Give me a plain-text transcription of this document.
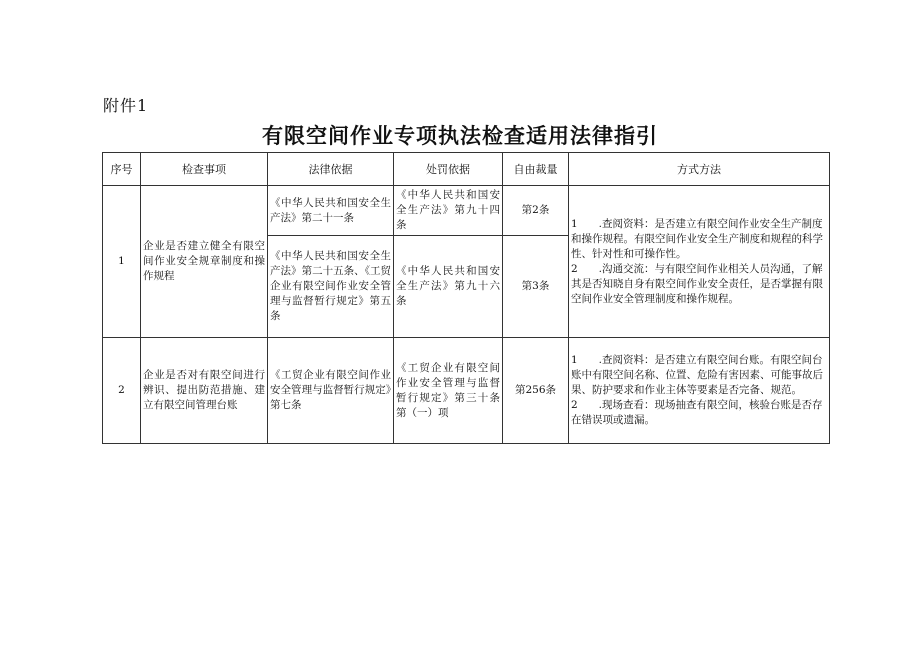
附件1
有限空间作业专项执法检查适用法律指引
序号	检查事项	法律依据	处罚依据	自由裁量	方式方法
1	企业是否建立健全有限空间作业安全规章制度和操作规程	《中华人民共和国安全生产法》第二十一条	《中华人民共和国安全生产法》第九十四条	第2条	1　　.查阅资料：是否建立有限空间作业安全生产制度和操作规程。有限空间作业安全生产制度和规程的科学性、针对性和可操作性。
2　　.沟通交流：与有限空间作业相关人员沟通，了解其是否知晓自身有限空间作业安全责任，是否掌握有限空间作业安全管理制度和操作规程。

		《中华人民共和国安全生产法》第二十五条、《工贸企业有限空间作业安全管理与监督暂行规定》第五条	《中华人民共和国安全生产法》第九十六条	第3条	
2	企业是否对有限空间进行辨识、提出防范措施、建立有限空间管理台账	《工贸企业有限空间作业安全管理与监督暂行规定》第七条	《工贸企业有限空间作业安全管理与监督暂行规定》第三十条第（一）项	第256条	1　　.查阅资料：是否建立有限空间台账。有限空间台账中有限空间名称、位置、危险有害因素、可能事故后果、防护要求和作业主体等要素是否完备、规范。
2　　.现场查看：现场抽查有限空间，核验台账是否存在错误项或遗漏。
